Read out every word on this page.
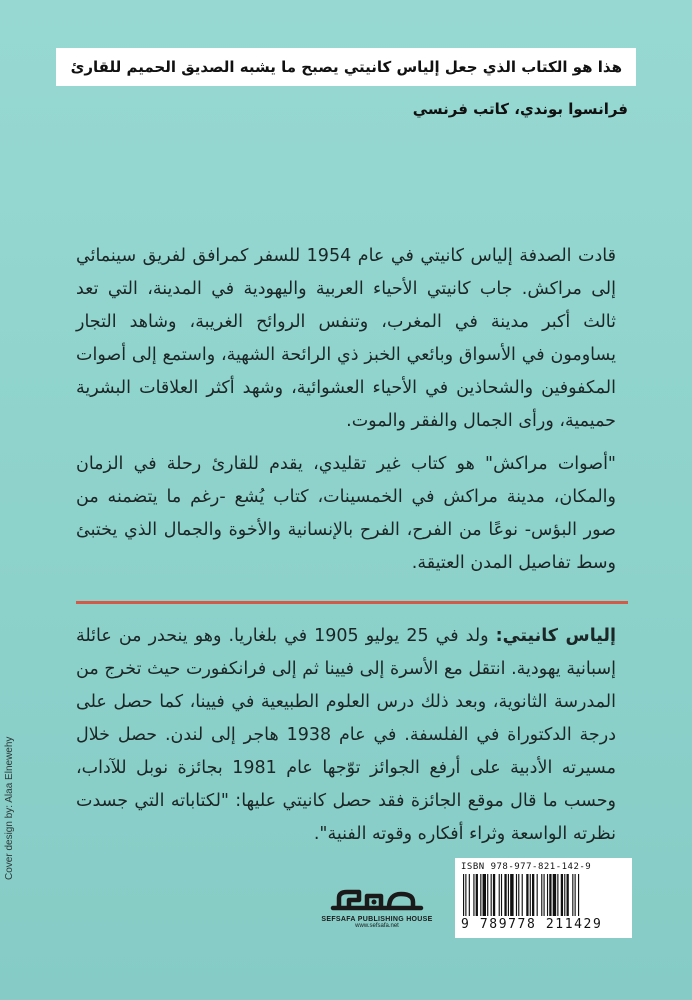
هذا هو الكتاب الذي جعل إلياس كانيتي يصبح ما يشبه الصديق الحميم للقارئ
فرانسوا بوندي، كاتب فرنسي
قادت الصدفة إلياس كانيتي في عام 1954 للسفر كمرافق لفريق سينمائي إلى مراكش. جاب كانيتي الأحياء العربية واليهودية في المدينة، التي تعد ثالث أكبر مدينة في المغرب، وتنفس الروائح الغريبة، وشاهد التجار يساومون في الأسواق وبائعي الخبز ذي الرائحة الشهية، واستمع إلى أصوات المكفوفين والشحاذين في الأحياء العشوائية، وشهد أكثر العلاقات البشرية حميمية، ورأى الجمال والفقر والموت.
"أصوات مراكش" هو كتاب غير تقليدي، يقدم للقارئ رحلة في الزمان والمكان، مدينة مراكش في الخمسينات، كتاب يُشع -رغم ما يتضمنه من صور البؤس- نوعًا من الفرح، الفرح بالإنسانية والأخوة والجمال الذي يختبئ وسط تفاصيل المدن العتيقة.
إلياس كانيتي: ولد في 25 يوليو 1905 في بلغاريا. وهو ينحدر من عائلة إسبانية يهودية. انتقل مع الأسرة إلى فيينا ثم إلى فرانكفورت حيث تخرج من المدرسة الثانوية، وبعد ذلك درس العلوم الطبيعية في فيينا، كما حصل على درجة الدكتوراة في الفلسفة. في عام 1938 هاجر إلى لندن. حصل خلال مسيرته الأدبية على أرفع الجوائز توّجها عام 1981 بجائزة نوبل للآداب، وحسب ما قال موقع الجائزة فقد حصل كانيتي عليها: "لكتاباته التي جسدت نظرته الواسعة وثراء أفكاره وقوته الفنية".
Cover design by: Alaa Elnewehy
SEFSAFA PUBLISHING HOUSE
www.sefsafa.net
ISBN 978-977-821-142-9
9 789778 211429
